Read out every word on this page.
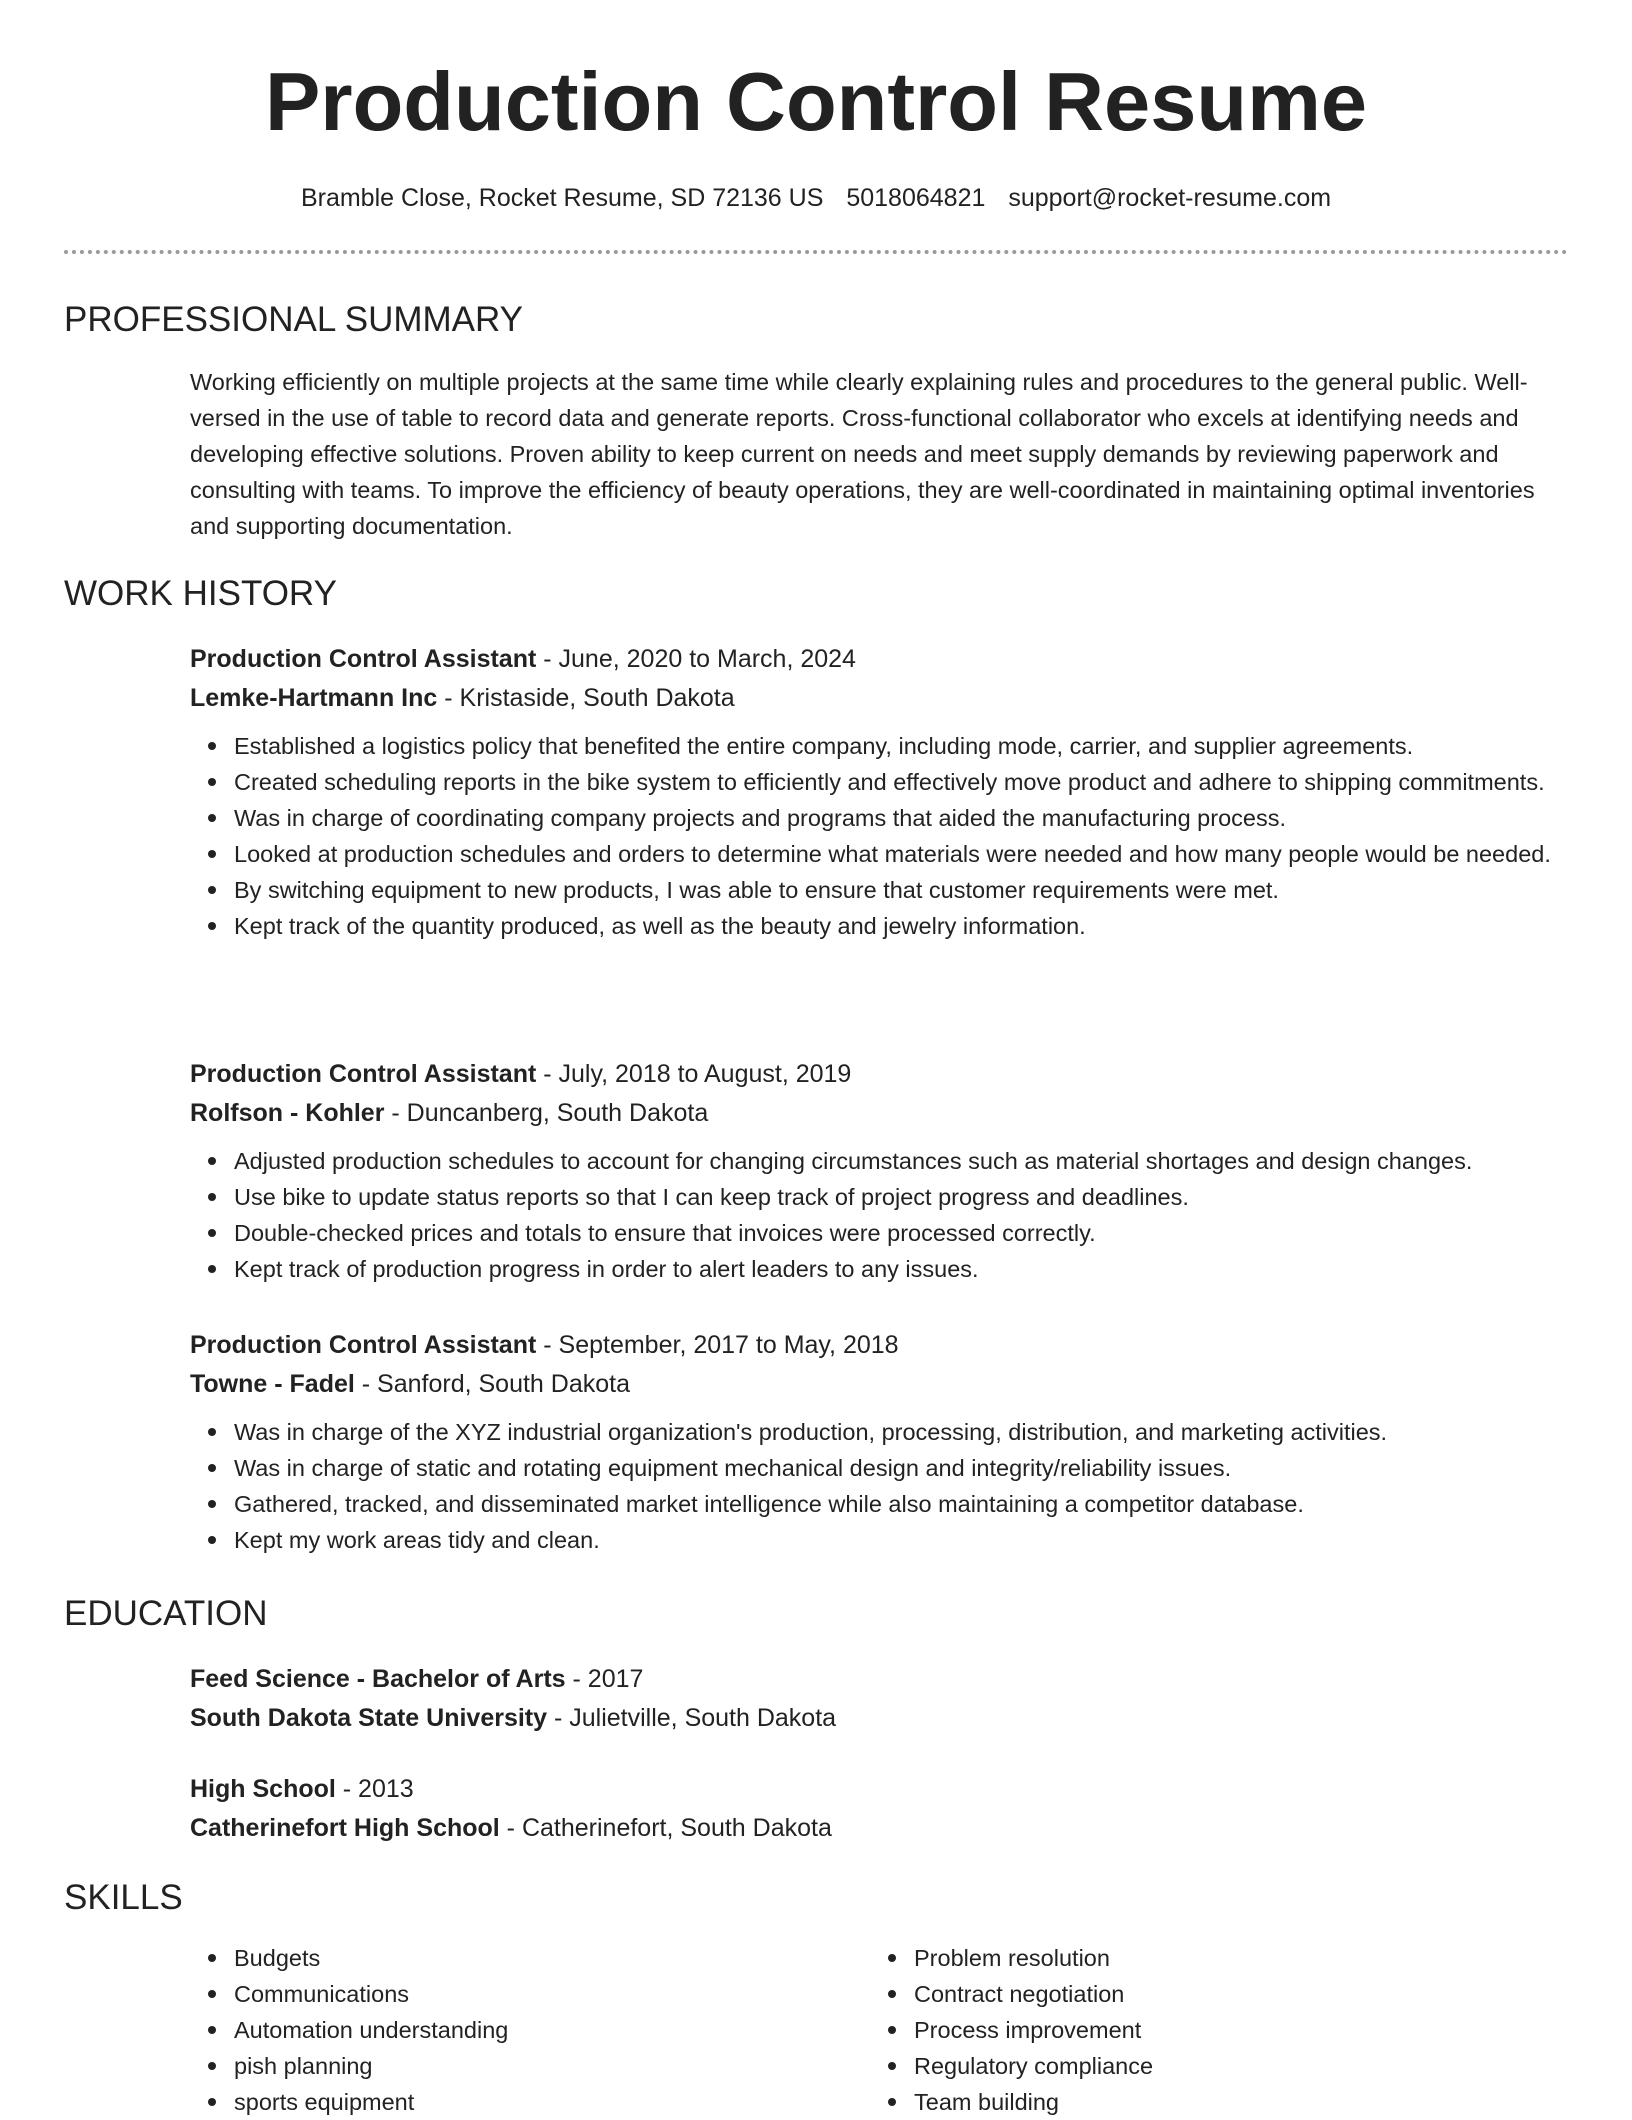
Production Control Resume
Bramble Close, Rocket Resume, SD 72136 US 5018064821 support@rocket-resume.com
PROFESSIONAL SUMMARY

Working efficiently on multiple projects at the same time while clearly explaining rules and procedures to the general public. Well-versed in the use of table to record data and generate reports. Cross-functional collaborator who excels at identifying needs and developing effective solutions. Proven ability to keep current on needs and meet supply demands by reviewing paperwork and consulting with teams. To improve the efficiency of beauty operations, they are well-coordinated in maintaining optimal inventories and supporting documentation.

WORK HISTORY
Production Control Assistant - June, 2020 to March, 2024
Lemke-Hartmann Inc - Kristaside, South Dakota
Established a logistics policy that benefited the entire company, including mode, carrier, and supplier agreements.
Created scheduling reports in the bike system to efficiently and effectively move product and adhere to shipping commitments.
Was in charge of coordinating company projects and programs that aided the manufacturing process.
Looked at production schedules and orders to determine what materials were needed and how many people would be needed.
By switching equipment to new products, I was able to ensure that customer requirements were met.
Kept track of the quantity produced, as well as the beauty and jewelry information.
Production Control Assistant - July, 2018 to August, 2019
Rolfson - Kohler - Duncanberg, South Dakota
Adjusted production schedules to account for changing circumstances such as material shortages and design changes.
Use bike to update status reports so that I can keep track of project progress and deadlines.
Double-checked prices and totals to ensure that invoices were processed correctly.
Kept track of production progress in order to alert leaders to any issues.
Production Control Assistant - September, 2017 to May, 2018
Towne - Fadel - Sanford, South Dakota
Was in charge of the XYZ industrial organization's production, processing, distribution, and marketing activities.
Was in charge of static and rotating equipment mechanical design and integrity/reliability issues.
Gathered, tracked, and disseminated market intelligence while also maintaining a competitor database.
Kept my work areas tidy and clean.
EDUCATION
Feed Science - Bachelor of Arts - 2017
South Dakota State University - Julietville, South Dakota
High School - 2013
Catherinefort High School - Catherinefort, South Dakota
SKILLS
Budgets
Communications
Automation understanding
pish planning
sports equipment
Problem resolution
Contract negotiation
Process improvement
Regulatory compliance
Team building
